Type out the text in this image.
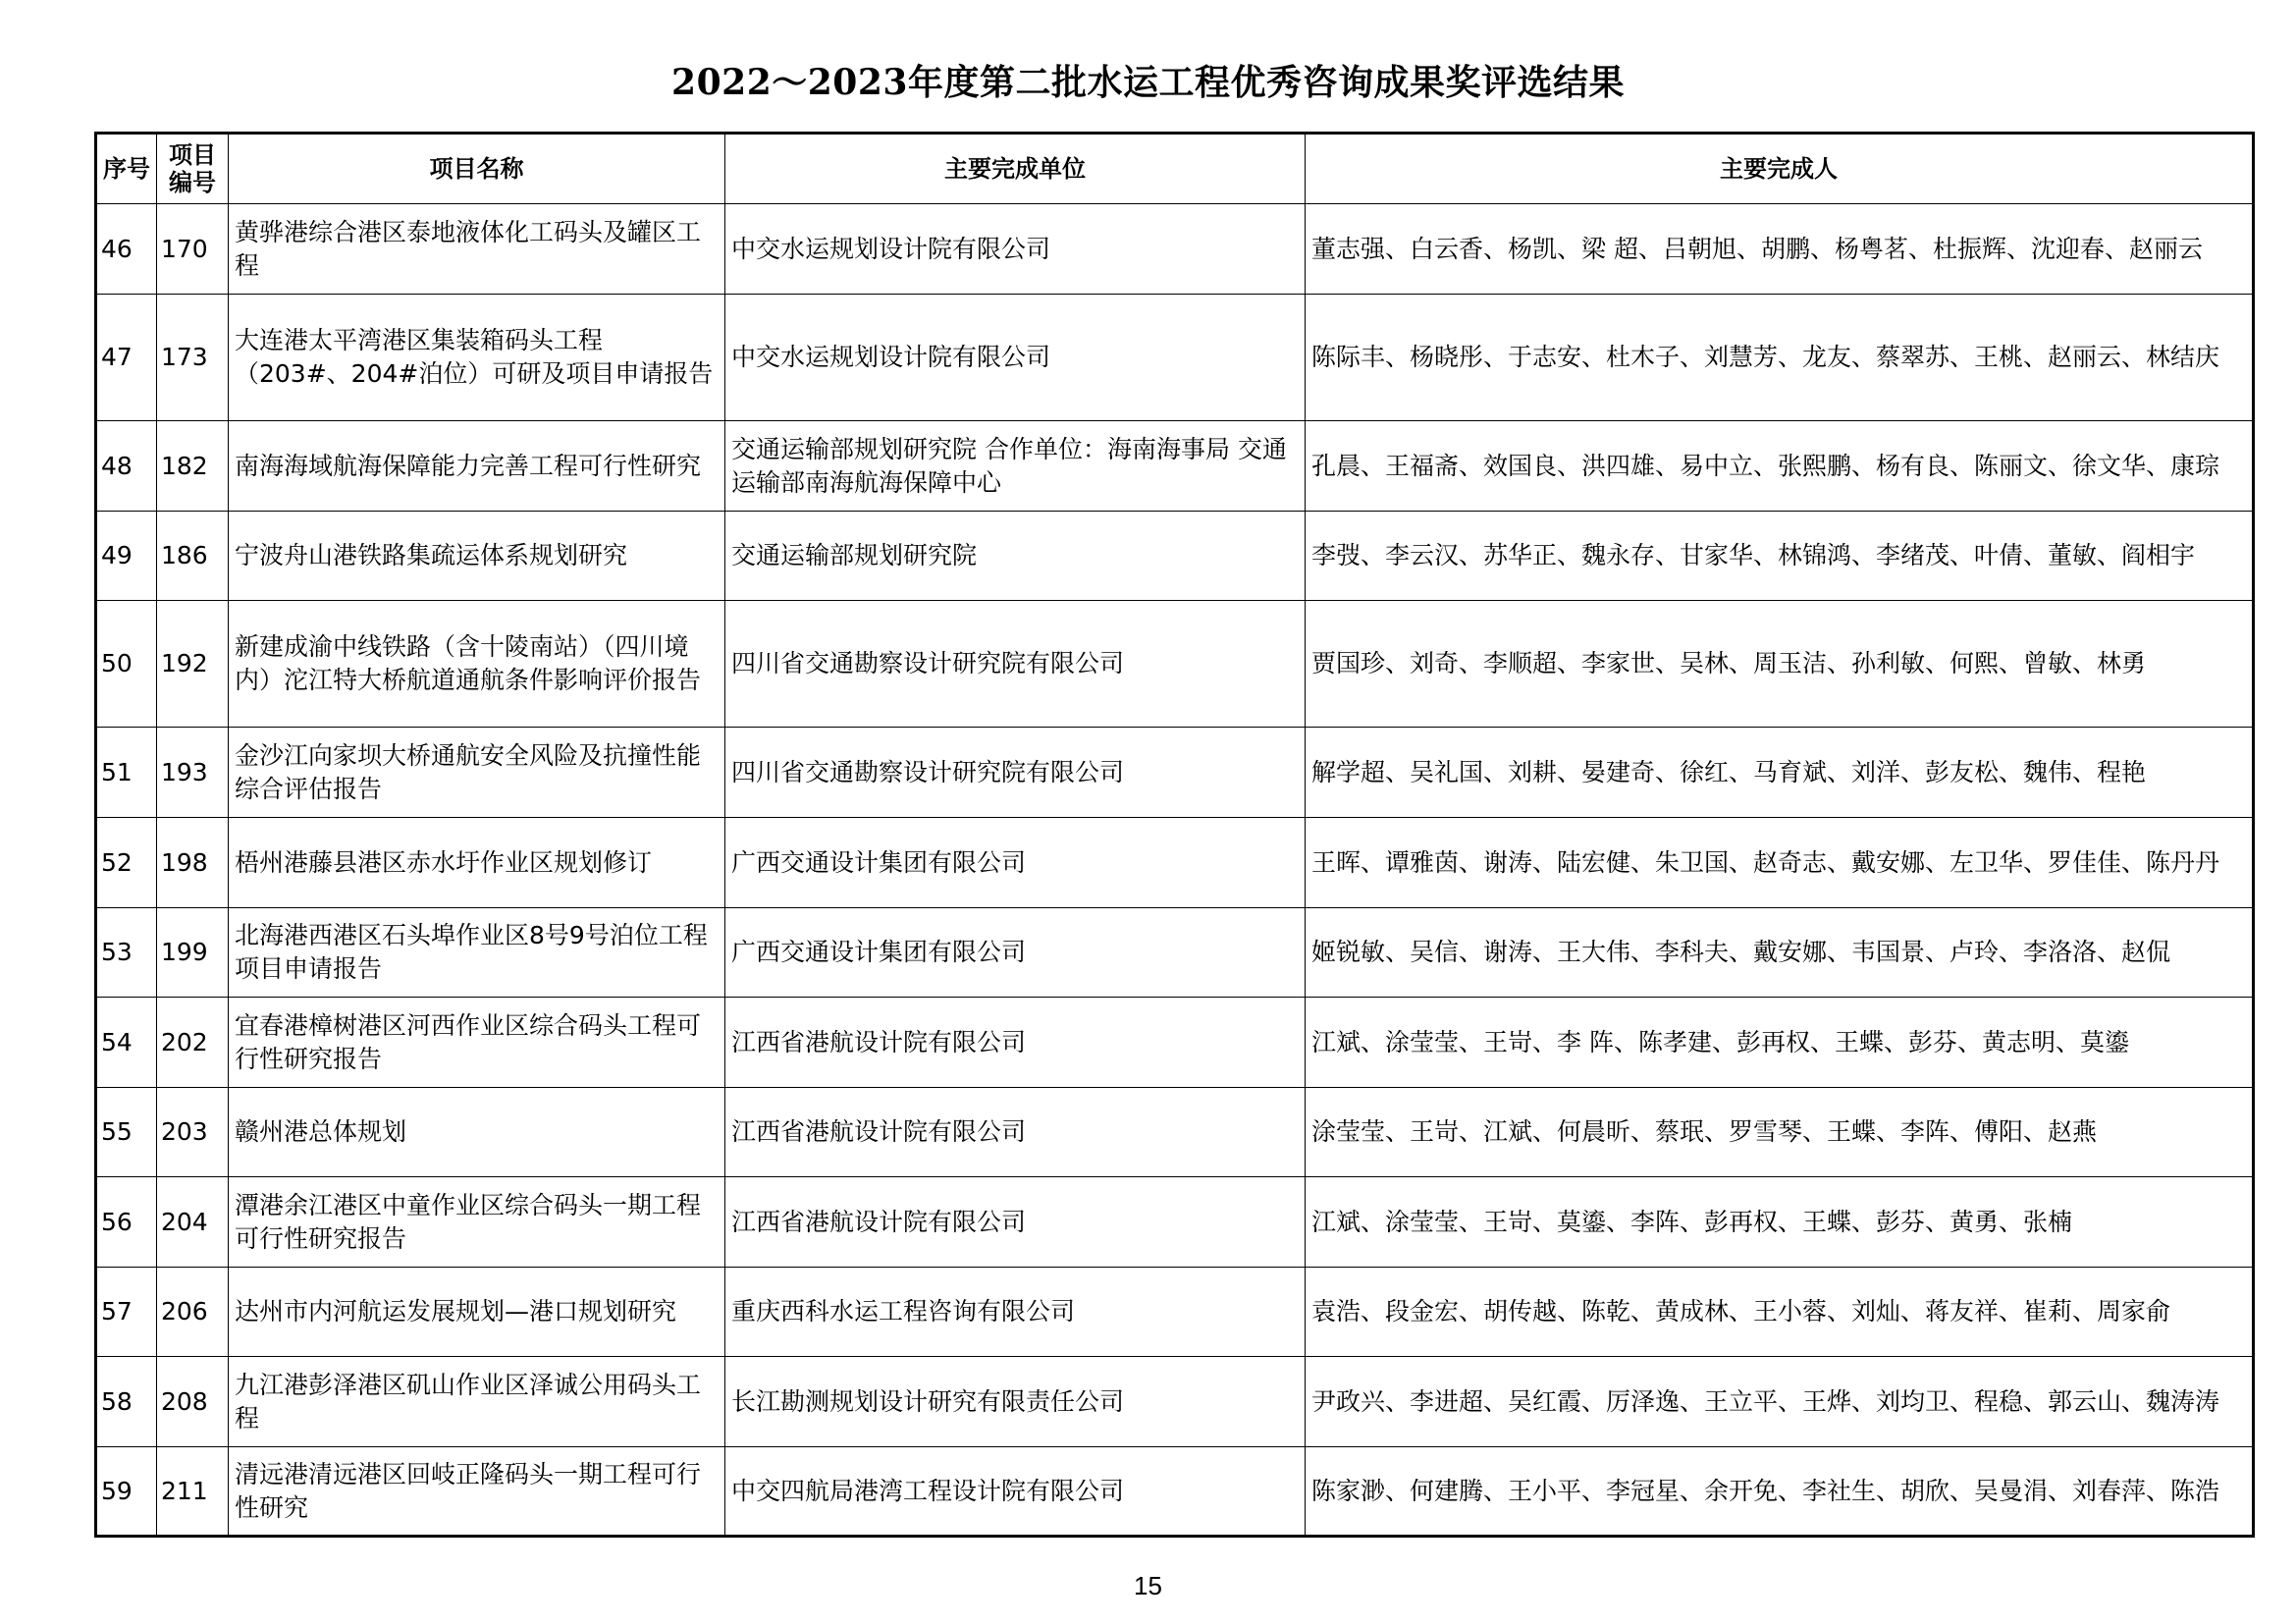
2022～2023年度第二批水运工程优秀咨询成果奖评选结果
序号	项目编号	项目名称	主要完成单位	主要完成人
46	170	黄骅港综合港区泰地液体化工码头及罐区工程	中交水运规划设计院有限公司	董志强、白云香、杨凯、梁 超、吕朝旭、胡鹏、杨粤茗、杜振辉、沈迎春、赵丽云
47	173	大连港太平湾港区集装箱码头工程（203#、204#泊位）可研及项目申请报告	中交水运规划设计院有限公司	陈际丰、杨晓彤、于志安、杜木子、刘慧芳、龙友、蔡翠苏、王桃、赵丽云、林结庆
48	182	南海海域航海保障能力完善工程可行性研究	交通运输部规划研究院 合作单位：海南海事局 交通运输部南海航海保障中心	孔晨、王福斋、效国良、洪四雄、易中立、张熙鹏、杨有良、陈丽文、徐文华、康琮
49	186	宁波舟山港铁路集疏运体系规划研究	交通运输部规划研究院	李弢、李云汉、苏华正、魏永存、甘家华、林锦鸿、李绪茂、叶倩、董敏、阎相宇
50	192	新建成渝中线铁路（含十陵南站）（四川境内）沱江特大桥航道通航条件影响评价报告	四川省交通勘察设计研究院有限公司	贾国珍、刘奇、李顺超、李家世、吴林、周玉洁、孙利敏、何熙、曾敏、林勇
51	193	金沙江向家坝大桥通航安全风险及抗撞性能综合评估报告	四川省交通勘察设计研究院有限公司	解学超、吴礼国、刘耕、晏建奇、徐红、马育斌、刘洋、彭友松、魏伟、程艳
52	198	梧州港藤县港区赤水圩作业区规划修订	广西交通设计集团有限公司	王晖、谭雅茵、谢涛、陆宏健、朱卫国、赵奇志、戴安娜、左卫华、罗佳佳、陈丹丹
53	199	北海港西港区石头埠作业区8号9号泊位工程项目申请报告	广西交通设计集团有限公司	姬锐敏、吴信、谢涛、王大伟、李科夫、戴安娜、韦国景、卢玲、李洛洛、赵侃
54	202	宜春港樟树港区河西作业区综合码头工程可行性研究报告	江西省港航设计院有限公司	江斌、涂莹莹、王岢、李 阵、陈孝建、彭再权、王蝶、彭芬、黄志明、莫鎏
55	203	赣州港总体规划	江西省港航设计院有限公司	涂莹莹、王岢、江斌、何晨昕、蔡珉、罗雪琴、王蝶、李阵、傅阳、赵燕
56	204	潭港余江港区中童作业区综合码头一期工程可行性研究报告	江西省港航设计院有限公司	江斌、涂莹莹、王岢、莫鎏、李阵、彭再权、王蝶、彭芬、黄勇、张楠
57	206	达州市内河航运发展规划—港口规划研究	重庆西科水运工程咨询有限公司	袁浩、段金宏、胡传越、陈乾、黄成林、王小蓉、刘灿、蒋友祥、崔莉、周家俞
58	208	九江港彭泽港区矶山作业区泽诚公用码头工程	长江勘测规划设计研究有限责任公司	尹政兴、李进超、吴红霞、厉泽逸、王立平、王烨、刘均卫、程稳、郭云山、魏涛涛
59	211	清远港清远港区回岐正隆码头一期工程可行性研究	中交四航局港湾工程设计院有限公司	陈家渺、何建腾、王小平、李冠星、余开免、李社生、胡欣、吴曼涓、刘春萍、陈浩
15
